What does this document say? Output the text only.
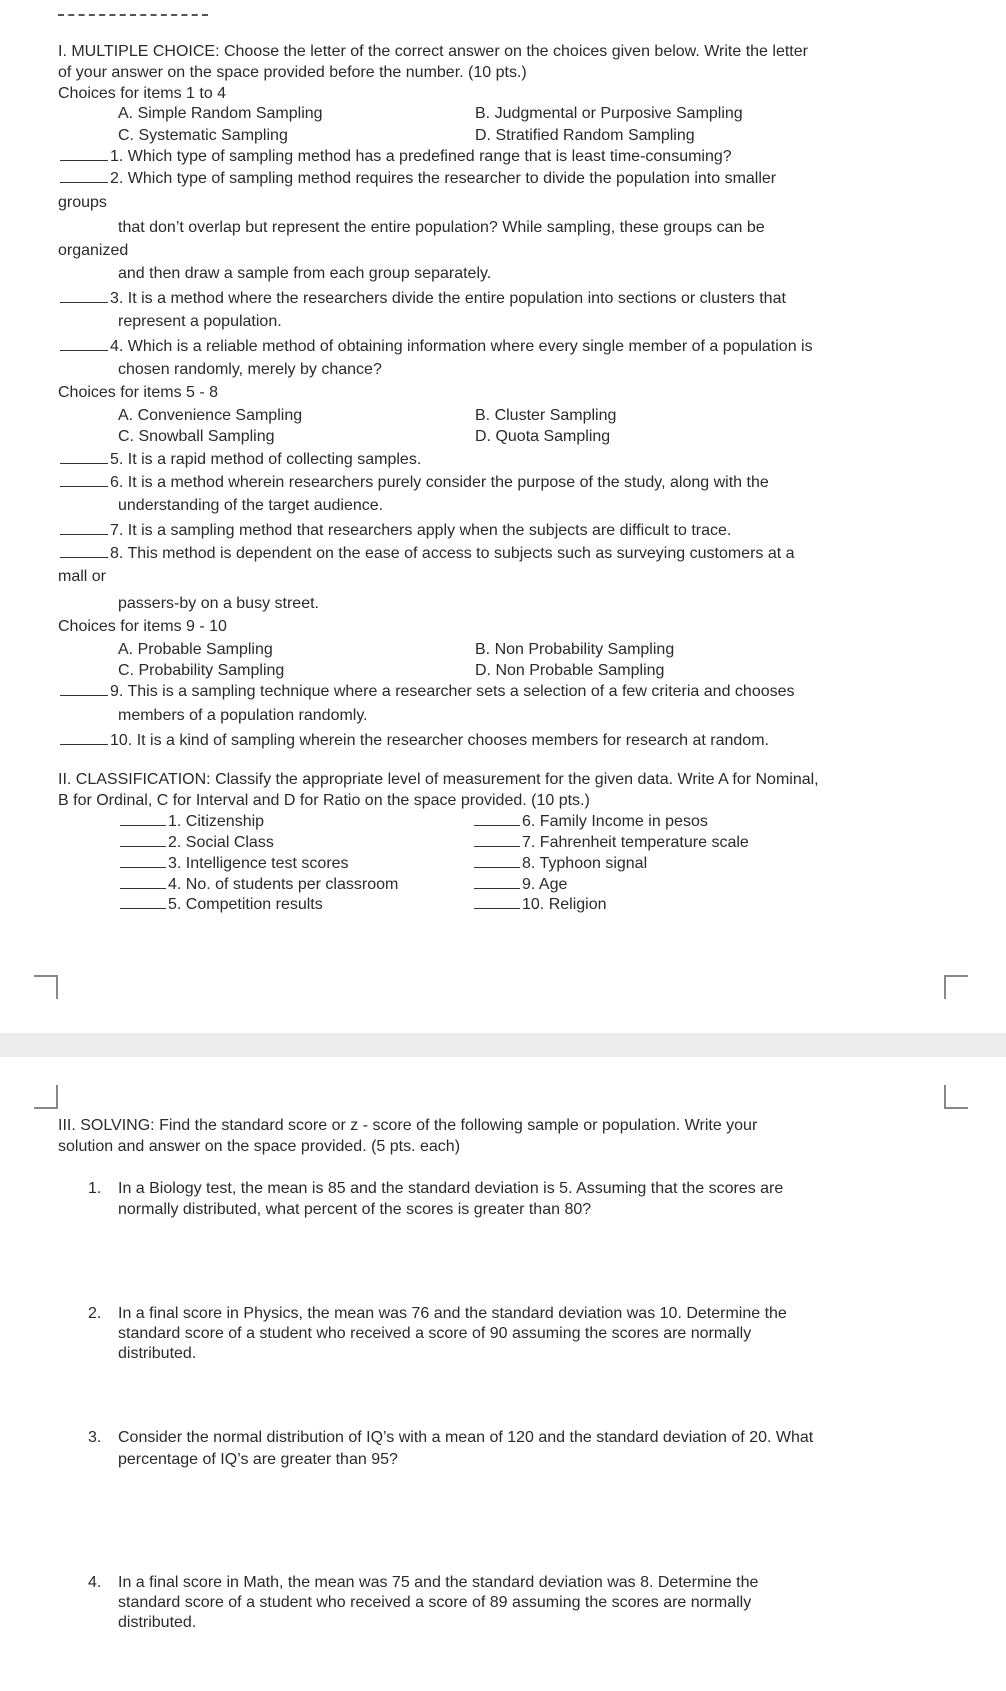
I. MULTIPLE CHOICE: Choose the letter of the correct answer on the choices given below. Write the letter
of your answer on the space provided before the number. (10 pts.)
Choices for items 1 to 4
A. Simple Random Sampling	B. Judgmental or Purposive Sampling
C. Systematic Sampling	D. Stratified Random Sampling
1. Which type of sampling method has a predefined range that is least time-consuming?
2. Which type of sampling method requires the researcher to divide the population into smaller
groups
that don’t overlap but represent the entire population? While sampling, these groups can be
organized
and then draw a sample from each group separately.
3. It is a method where the researchers divide the entire population into sections or clusters that
represent a population.
4. Which is a reliable method of obtaining information where every single member of a population is
chosen randomly, merely by chance?
Choices for items 5 - 8
A. Convenience Sampling	B. Cluster Sampling
C. Snowball Sampling	D. Quota Sampling
5. It is a rapid method of collecting samples.
6. It is a method wherein researchers purely consider the purpose of the study, along with the
understanding of the target audience.
7. It is a sampling method that researchers apply when the subjects are difficult to trace.
8. This method is dependent on the ease of access to subjects such as surveying customers at a
mall or
passers-by on a busy street.
Choices for items 9 - 10
A. Probable Sampling	B. Non Probability Sampling
C. Probability Sampling	D. Non Probable Sampling
9. This is a sampling technique where a researcher sets a selection of a few criteria and chooses
members of a population randomly.
10. It is a kind of sampling wherein the researcher chooses members for research at random.
II. CLASSIFICATION: Classify the appropriate level of measurement for the given data. Write A for Nominal,
B for Ordinal, C for Interval and D for Ratio on the space provided. (10 pts.)
1. Citizenship
2. Social Class
3. Intelligence test scores
4. No. of students per classroom
5. Competition results
6. Family Income in pesos
7. Fahrenheit temperature scale
8. Typhoon signal
9. Age
10. Religion
III. SOLVING: Find the standard score or z - score of the following sample or population. Write your
solution and answer on the space provided. (5 pts. each)
1. In a Biology test, the mean is 85 and the standard deviation is 5. Assuming that the scores are
normally distributed, what percent of the scores is greater than 80?
2. In a final score in Physics, the mean was 76 and the standard deviation was 10. Determine the
standard score of a student who received a score of 90 assuming the scores are normally
distributed.
3. Consider the normal distribution of IQ’s with a mean of 120 and the standard deviation of 20. What
percentage of IQ’s are greater than 95?
4. In a final score in Math, the mean was 75 and the standard deviation was 8. Determine the
standard score of a student who received a score of 89 assuming the scores are normally
distributed.
